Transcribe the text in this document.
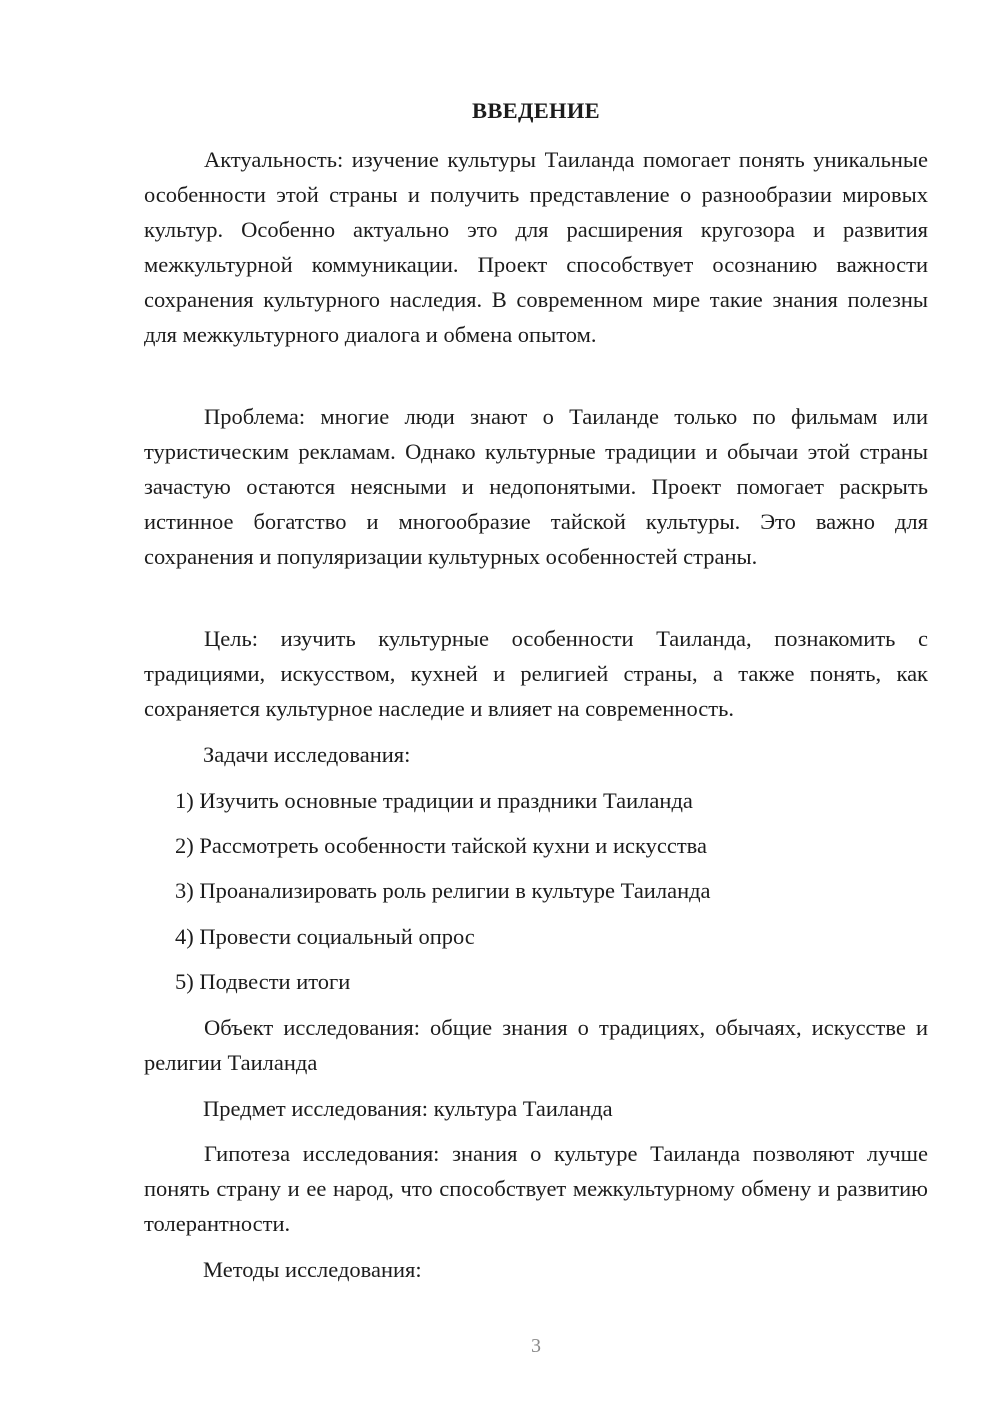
ВВЕДЕНИЕ

Актуальность: изучение культуры Таиланда помогает понять уникальные особенности этой страны и получить представление о разнообразии мировых культур. Особенно актуально это для расширения кругозора и развития межкультурной коммуникации. Проект способствует осознанию важности сохранения культурного наследия. В современном мире такие знания полезны для межкультурного диалога и обмена опытом.

Проблема: многие люди знают о Таиланде только по фильмам или туристическим рекламам. Однако культурные традиции и обычаи этой страны зачастую остаются неясными и недопонятыми. Проект помогает раскрыть истинное богатство и многообразие тайской культуры. Это важно для сохранения и популяризации культурных особенностей страны.

Цель: изучить культурные особенности Таиланда, познакомить с традициями, искусством, кухней и религией страны, а также понять, как сохраняется культурное наследие и влияет на современность.

Задачи исследования:

1) Изучить основные традиции и праздники Таиланда

2) Рассмотреть особенности тайской кухни и искусства

3) Проанализировать роль религии в культуре Таиланда

4) Провести социальный опрос

5) Подвести итоги

Объект исследования: общие знания о традициях, обычаях, искусстве и религии Таиланда

Предмет исследования: культура Таиланда

Гипотеза исследования: знания о культуре Таиланда позволяют лучше понять страну и ее народ, что способствует межкультурному обмену и развитию толерантности.

Методы исследования:

3
